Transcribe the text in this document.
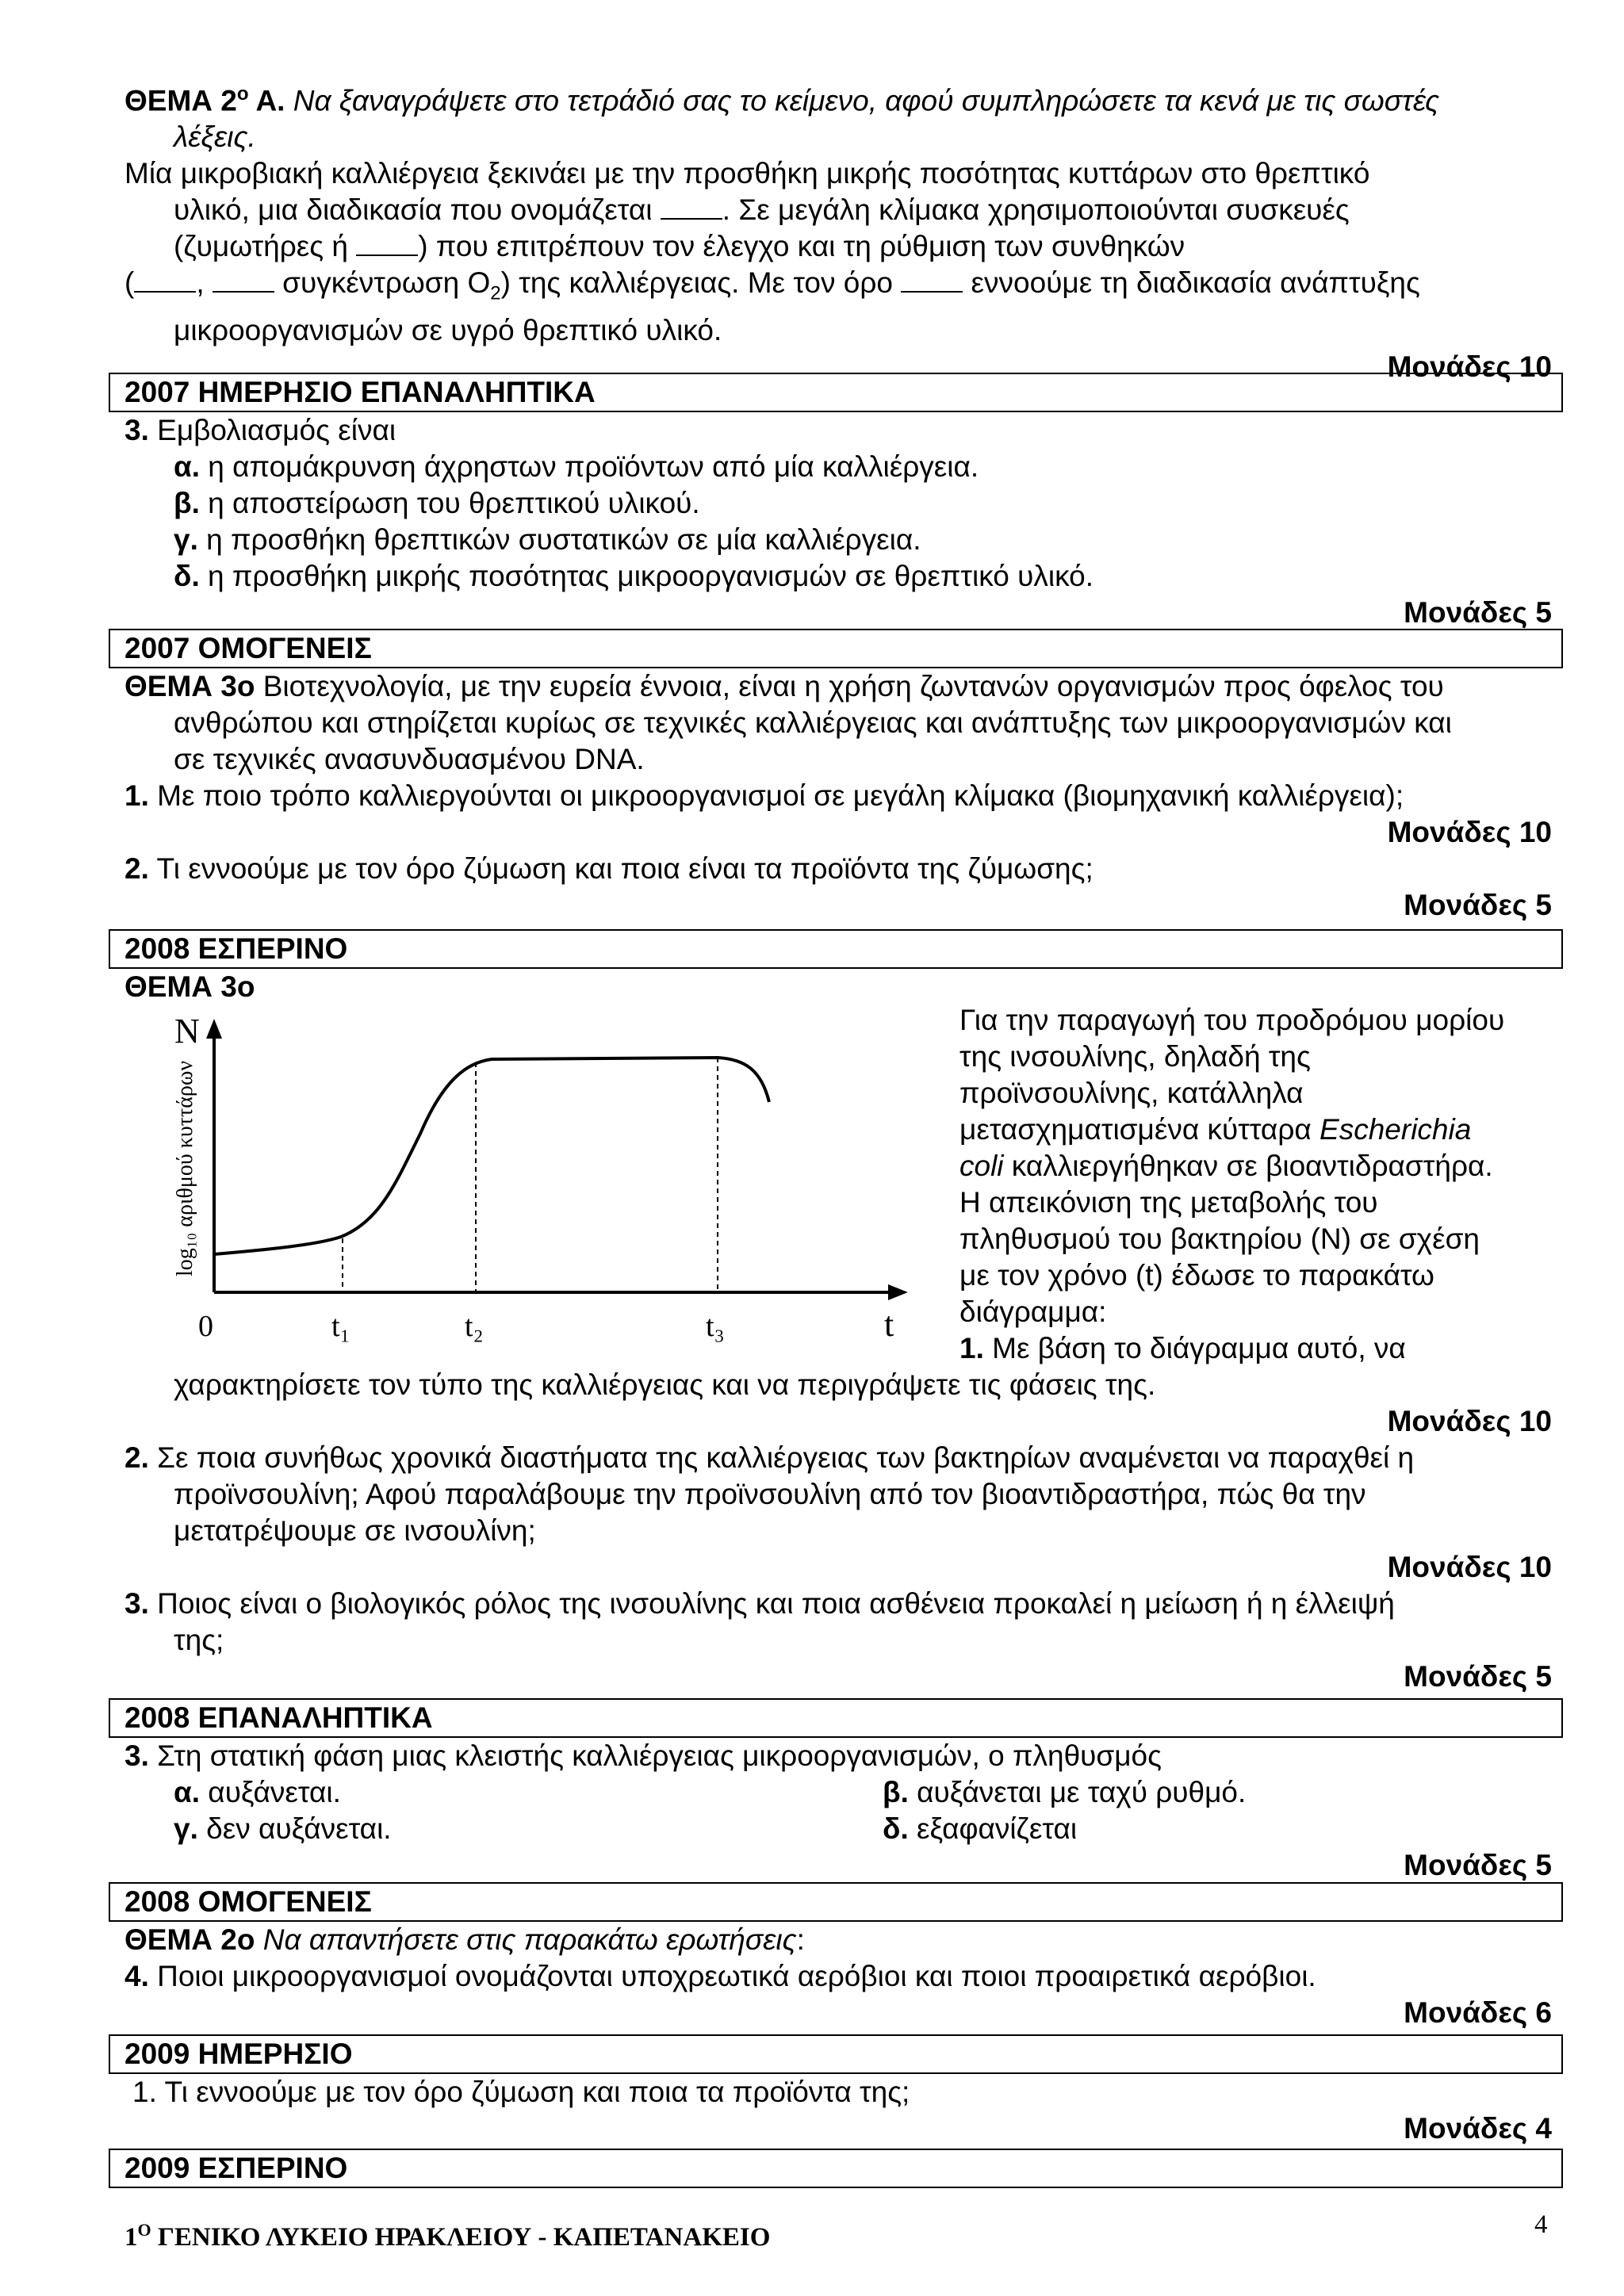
ΘΕΜΑ $2^o$ Α. Να ξαναγράψετε στο τετράδιό σας το κείμενο, αφού συμπληρώσετε τα κενά με τις σωστές
λέξεις.
Μία μικροβιακή καλλιέργεια ξεκινάει με την προσθήκη μικρής ποσότητας κυττάρων στο θρεπτικό
υλικό, μια διαδικασία που ονομάζεται . Σε μεγάλη κλίμακα χρησιμοποιούνται συσκευές
(ζυμωτήρες ή ) που επιτρέπουν τον έλεγχο και τη ρύθμιση των συνθηκών
( ,	συγκέντρωση $O_2$) της καλλιέργειας. Με τον όρο	εννοούμε τη διαδικασία ανάπτυξης
μικροοργανισμών σε υγρό θρεπτικό υλικό.
Μονάδες 10
2007 ΗΜΕΡΗΣΙΟ ΕΠΑΝΑΛΗΠΤΙΚΑ
3. Εμβολιασμός είναι
α. η απομάκρυνση άχρηστων προϊόντων από μία καλλιέργεια.
β. η αποστείρωση του θρεπτικού υλικού.
γ. η προσθήκη θρεπτικών συστατικών σε μία καλλιέργεια.
δ. η προσθήκη μικρής ποσότητας μικροοργανισμών σε θρεπτικό υλικό.
Μονάδες 5
2007 ΟΜΟΓΕΝΕΙΣ
ΘΕΜΑ 3ο Βιοτεχνολογία, με την ευρεία έννοια, είναι η χρήση ζωντανών οργανισμών προς όφελος του
ανθρώπου και στηρίζεται κυρίως σε τεχνικές καλλιέργειας και ανάπτυξης των μικροοργανισμών και
σε τεχνικές ανασυνδυασμένου DNA.
1. Με ποιο τρόπο καλλιεργούνται οι μικροοργανισμοί σε μεγάλη κλίμακα (βιομηχανική καλλιέργεια);
Μονάδες 10
2. Τι εννοούμε με τον όρο ζύμωση και ποια είναι τα προϊόντα της ζύμωσης;
Μονάδες 5
2008 ΕΣΠΕΡΙΝΟ
ΘΕΜΑ 3ο
N
t
0	t₁	t₂	t₃
log₁₀ αριθμού κυττάρων
Για την παραγωγή του προδρόμου μορίου
της ινσουλίνης, δηλαδή της
προϊνσουλίνης, κατάλληλα
μετασχηματισμένα κύτταρα Escherichia
coli καλλιεργήθηκαν σε βιοαντιδραστήρα.
Η απεικόνιση της μεταβολής του
πληθυσμού του βακτηρίου (Ν) σε σχέση
με τον χρόνο (t) έδωσε το παρακάτω
διάγραμμα:
1. Με βάση το διάγραμμα αυτό, να
χαρακτηρίσετε τον τύπο της καλλιέργειας και να περιγράψετε τις φάσεις της.
Μονάδες 10
2. Σε ποια συνήθως χρονικά διαστήματα της καλλιέργειας των βακτηρίων αναμένεται να παραχθεί η
προϊνσουλίνη; Αφού παραλάβουμε την προϊνσουλίνη από τον βιοαντιδραστήρα, πώς θα την
μετατρέψουμε σε ινσουλίνη;
Μονάδες 10
3. Ποιος είναι ο βιολογικός ρόλος της ινσουλίνης και ποια ασθένεια προκαλεί η μείωση ή η έλλειψή
της;
Μονάδες 5
2008 ΕΠΑΝΑΛΗΠΤΙΚΑ
3. Στη στατική φάση μιας κλειστής καλλιέργειας μικροοργανισμών, ο πληθυσμός
α. αυξάνεται.	β. αυξάνεται με ταχύ ρυθμό.
γ. δεν αυξάνεται.	δ. εξαφανίζεται
Μονάδες 5
2008 ΟΜΟΓΕΝΕΙΣ
ΘΕΜΑ 2ο Να απαντήσετε στις παρακάτω ερωτήσεις:
4. Ποιοι μικροοργανισμοί ονομάζονται υποχρεωτικά αερόβιοι και ποιοι προαιρετικά αερόβιοι.
Μονάδες 6
2009 ΗΜΕΡΗΣΙΟ
1. Τι εννοούμε με τον όρο ζύμωση και ποια τα προϊόντα της;
Μονάδες 4
2009 ΕΣΠΕΡΙΝΟ
$1^O$ ΓΕΝΙΚΟ ΛΥΚΕΙΟ ΗΡΑΚΛΕΙΟΥ - ΚΑΠΕΤΑΝΑΚΕΙΟ	4
